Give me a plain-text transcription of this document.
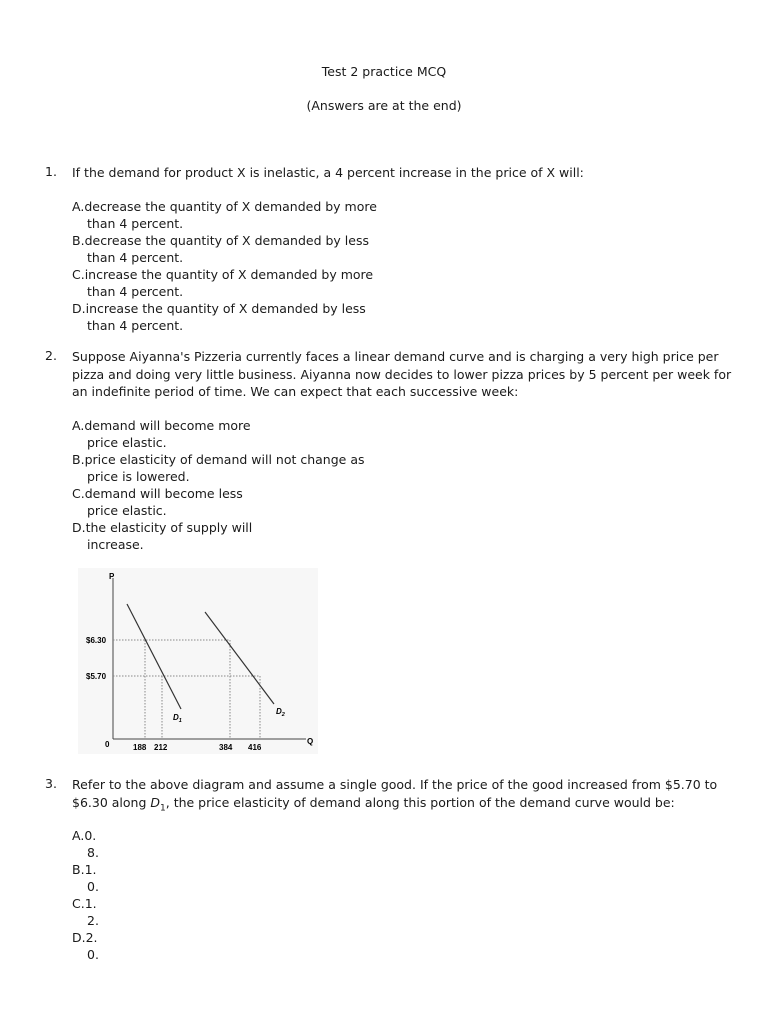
Test 2 practice MCQ
(Answers are at the end)
1. If the demand for product X is inelastic, a 4 percent increase in the price of X will:
A.decrease the quantity of X demanded by more
than 4 percent.
B.decrease the quantity of X demanded by less
than 4 percent.
C.increase the quantity of X demanded by more
than 4 percent.
D.increase the quantity of X demanded by less
than 4 percent.
2. Suppose Aiyanna's Pizzeria currently faces a linear demand curve and is charging a very high price per pizza and doing very little business. Aiyanna now decides to lower pizza prices by 5 percent per week for an indefinite period of time. We can expect that each successive week:
A.demand will become more
price elastic.
B.price elasticity of demand will not change as
price is lowered.
C.demand will become less
price elastic.
D.the elasticity of supply will
increase.
P
Q
0
$6.30
$5.70
188 212	384 416
$D_1$
$D_2$
3. Refer to the above diagram and assume a single good. If the price of the good increased from $5.70 to $6.30 along $D_1$, the price elasticity of demand along this portion of the demand curve would be:
A.0.
8.
B.1.
0.
C.1.
2.
D.2.
0.
